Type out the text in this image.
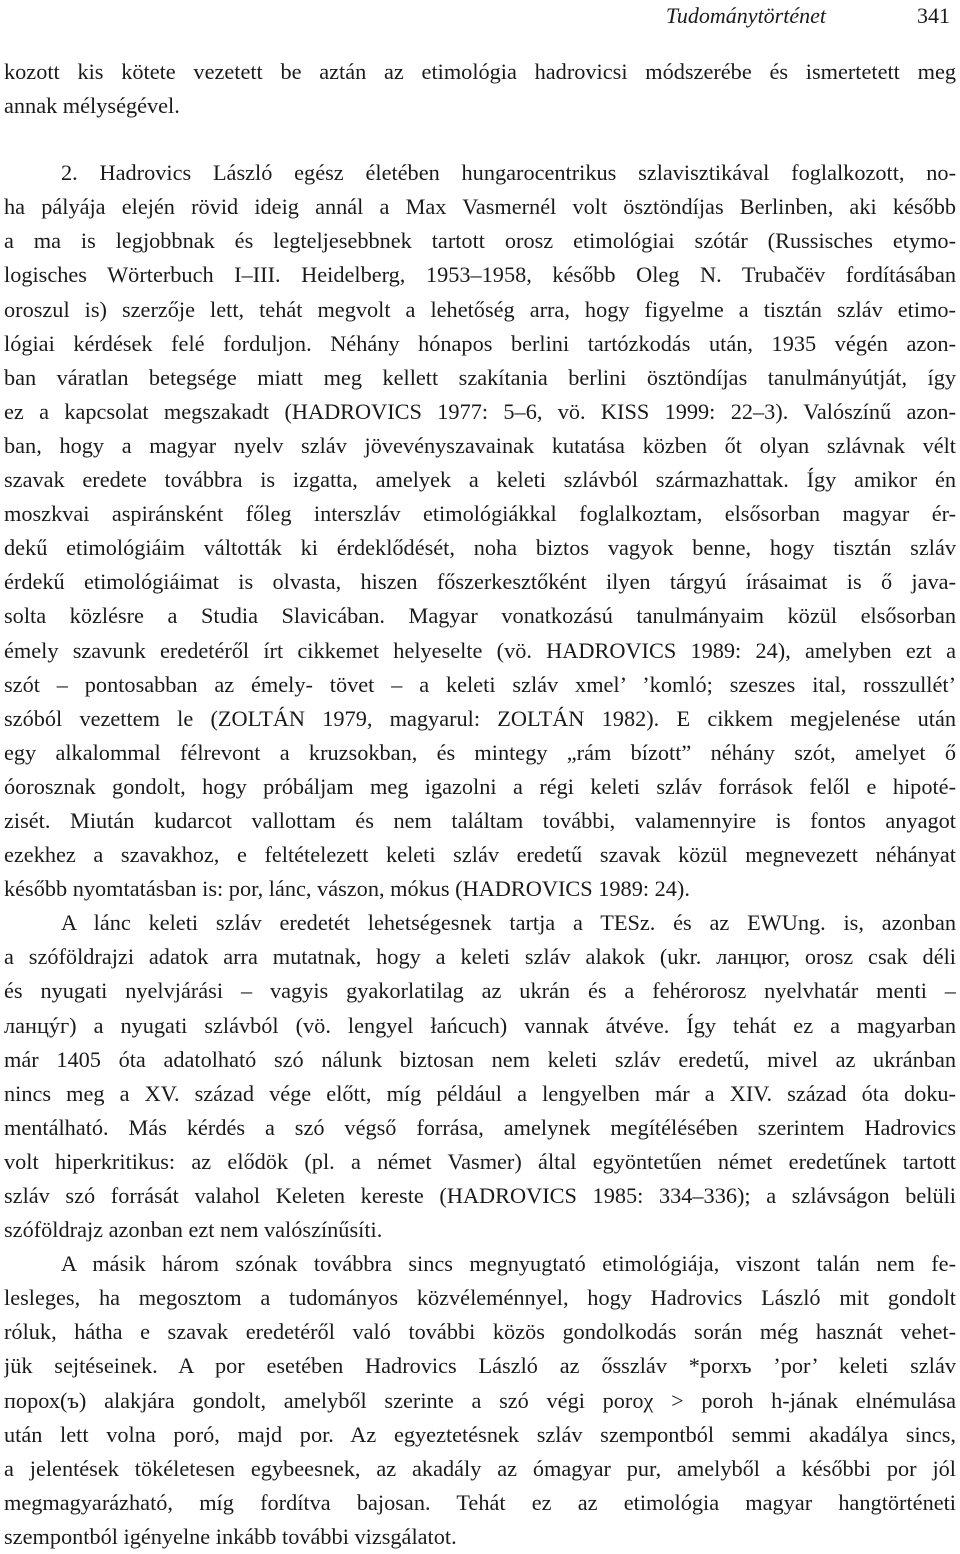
Tudománytörténet	341
kozott kis kötete vezetett be aztán az etimológia hadrovicsi módszerébe és ismertetett meg
annak mélységével.
2. Hadrovics László egész életében hungarocentrikus szlavisztikával foglalkozott, no-
ha pályája elején rövid ideig annál a Max Vasmernél volt ösztöndíjas Berlinben, aki később
a ma is legjobbnak és legteljesebbnek tartott orosz etimológiai szótár (Russisches etymo-
logisches Wörterbuch I–III. Heidelberg, 1953–1958, később Oleg N. Trubačëv fordításában
oroszul is) szerzője lett, tehát megvolt a lehetőség arra, hogy figyelme a tisztán szláv etimo-
lógiai kérdések felé forduljon. Néhány hónapos berlini tartózkodás után, 1935 végén azon-
ban váratlan betegsége miatt meg kellett szakítania berlini ösztöndíjas tanulmányútját, így
ez a kapcsolat megszakadt (HADROVICS 1977: 5–6, vö. KISS 1999: 22–3). Valószínű azon-
ban, hogy a magyar nyelv szláv jövevényszavainak kutatása közben őt olyan szlávnak vélt
szavak eredete továbbra is izgatta, amelyek a keleti szlávból származhattak. Így amikor én
moszkvai aspiránsként főleg interszláv etimológiákkal foglalkoztam, elsősorban magyar ér-
dekű etimológiáim váltották ki érdeklődését, noha biztos vagyok benne, hogy tisztán szláv
érdekű etimológiáimat is olvasta, hiszen főszerkesztőként ilyen tárgyú írásaimat is ő java-
solta közlésre a Studia Slavicában. Magyar vonatkozású tanulmányaim közül elsősorban
émely szavunk eredetéről írt cikkemet helyeselte (vö. HADROVICS 1989: 24), amelyben ezt a
szót – pontosabban az émely- tövet – a keleti szláv xmel’ ’komló; szeszes ital, rosszullét’
szóból vezettem le (ZOLTÁN 1979, magyarul: ZOLTÁN 1982). E cikkem megjelenése után
egy alkalommal félrevont a kruzsokban, és mintegy „rám bízott” néhány szót, amelyet ő
óorosznak gondolt, hogy próbáljam meg igazolni a régi keleti szláv források felől e hipoté-
zisét. Miután kudarcot vallottam és nem találtam további, valamennyire is fontos anyagot
ezekhez a szavakhoz, e feltételezett keleti szláv eredetű szavak közül megnevezett néhányat
később nyomtatásban is: por, lánc, vászon, mókus (HADROVICS 1989: 24).
A lánc keleti szláv eredetét lehetségesnek tartja a TESz. és az EWUng. is, azonban
a szóföldrajzi adatok arra mutatnak, hogy a keleti szláv alakok (ukr. ланцюг, orosz csak déli
és nyugati nyelvjárási – vagyis gyakorlatilag az ukrán és a fehérorosz nyelvhatár menti –
ланцýг) a nyugati szlávból (vö. lengyel łańcuch) vannak átvéve. Így tehát ez a magyarban
már 1405 óta adatolható szó nálunk biztosan nem keleti szláv eredetű, mivel az ukránban
nincs meg a XV. század vége előtt, míg például a lengyelben már a XIV. század óta doku-
mentálható. Más kérdés a szó végső forrása, amelynek megítélésében szerintem Hadrovics
volt hiperkritikus: az elődök (pl. a német Vasmer) által egyöntetűen német eredetűnek tartott
szláv szó forrását valahol Keleten kereste (HADROVICS 1985: 334–336); a szlávságon belüli
szóföldrajz azonban ezt nem valószínűsíti.
A másik három szónak továbbra sincs megnyugtató etimológiája, viszont talán nem fe-
lesleges, ha megosztom a tudományos közvéleménnyel, hogy Hadrovics László mit gondolt
róluk, hátha e szavak eredetéről való további közös gondolkodás során még hasznát vehet-
jük sejtéseinek. A por esetében Hadrovics László az ősszláv *porхъ ’por’ keleti szláv
порох(ъ) alakjára gondolt, amelyből szerinte a szó végi poroχ > poroh h-jának elnémulása
után lett volna poró, majd por. Az egyeztetésnek szláv szempontból semmi akadálya sincs,
a jelentések tökéletesen egybeesnek, az akadály az ómagyar pur, amelyből a későbbi por jól
megmagyarázható, míg fordítva bajosan. Tehát ez az etimológia magyar hangtörténeti
szempontból igényelne inkább további vizsgálatot.
